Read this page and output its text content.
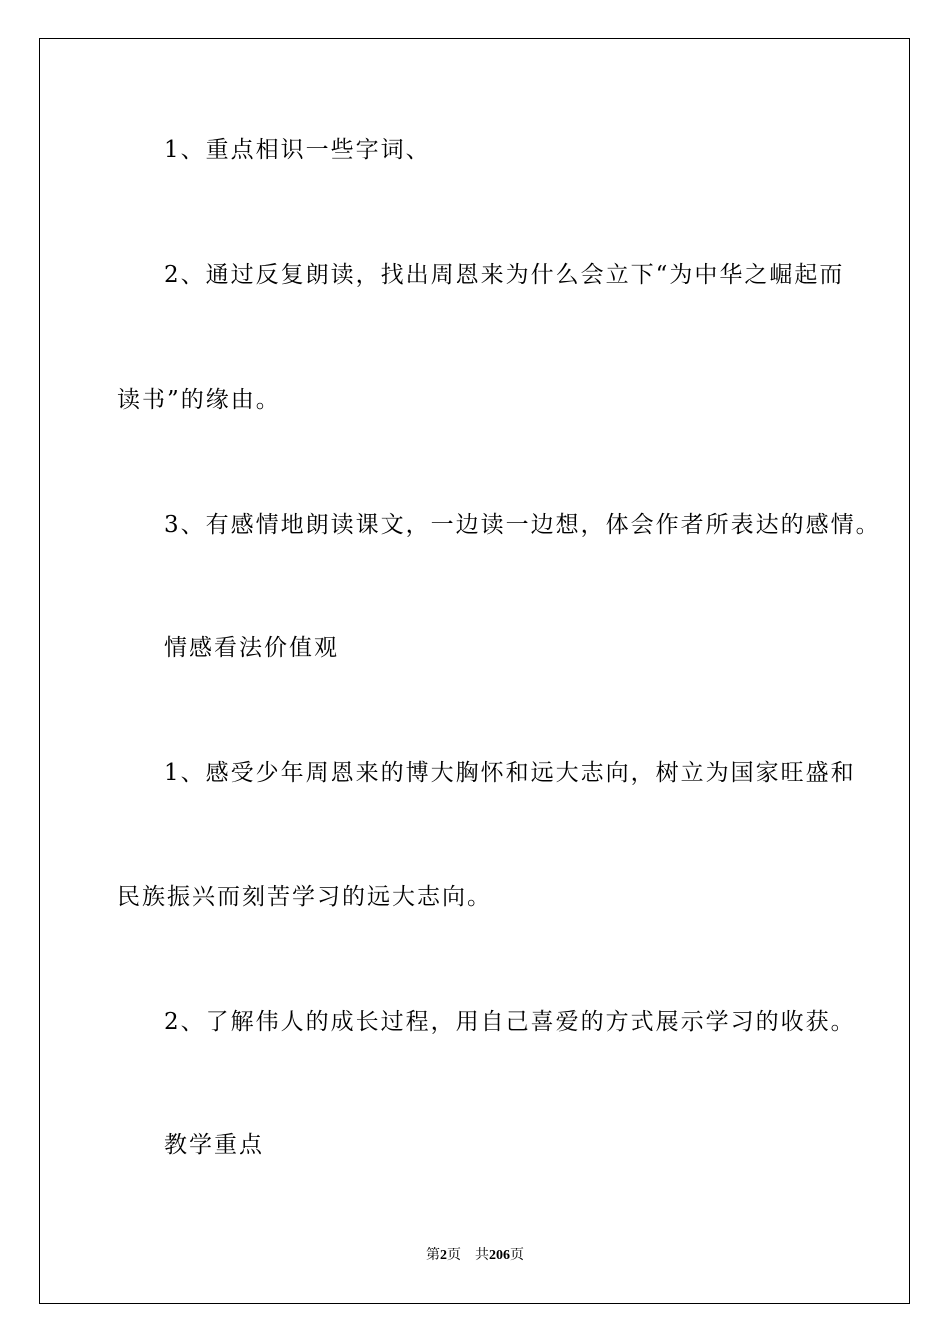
1、重点相识一些字词、
2、通过反复朗读，找出周恩来为什么会立下“为中华之崛起而
读书”的缘由。
3、有感情地朗读课文，一边读一边想，体会作者所表达的感情。
情感看法价值观
1、感受少年周恩来的博大胸怀和远大志向，树立为国家旺盛和
民族振兴而刻苦学习的远大志向。
2、了解伟人的成长过程，用自己喜爱的方式展示学习的收获。
教学重点
第2页 共206页
